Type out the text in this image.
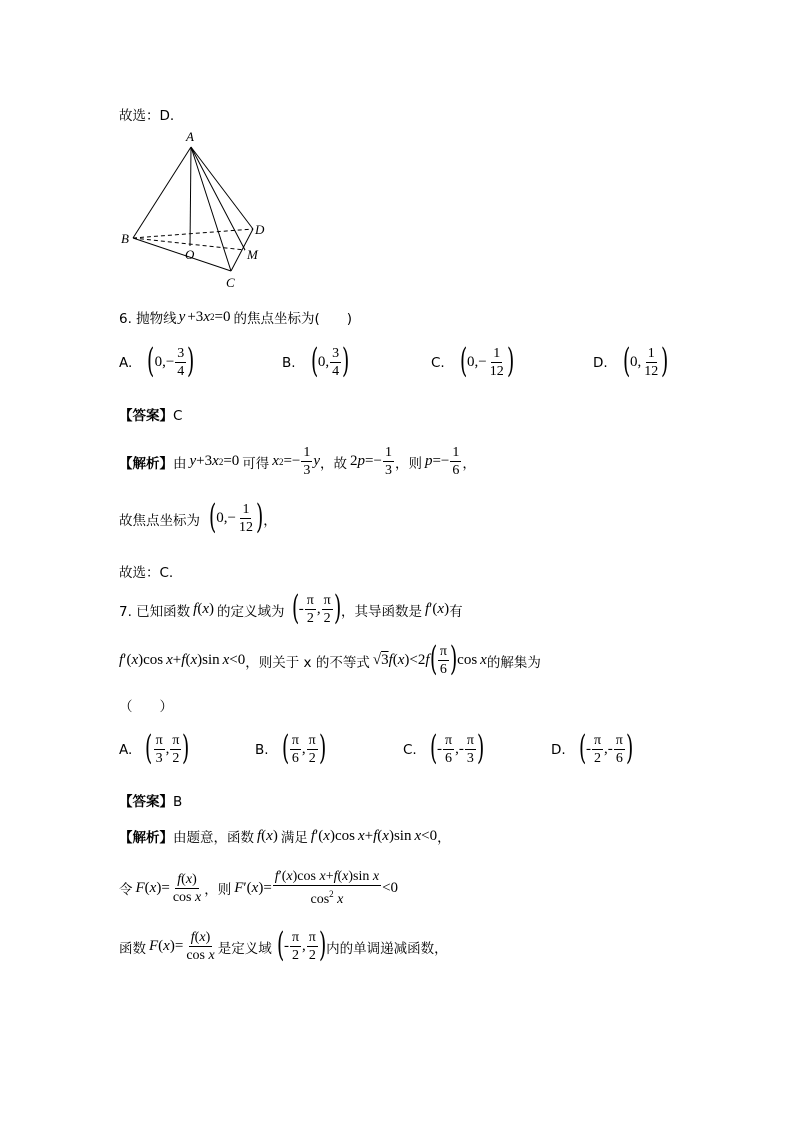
故选：D.
A
B
C
D
O	M
6. 抛物线 y +3 x 2 =0 的焦点坐标为(　　)
A. ( 0, − $\frac{3}{4}$ )	B. ( 0, $\frac{3}{4}$ )	C. ( 0, − $\frac{1}{12}$ )	D. ( 0, $\frac{1}{12}$ )
【答案】C
【解析】 由 y +3 x 2 =0 可得 x $2 =- \frac{1}{3}$ y ，故 2 $p =- \frac{1}{3}$ ，则 $p =- \frac{1}{6}$ ，
故焦点坐标为 ( $0,- \frac{1}{12}$ ) ，
故选：C.
7. 已知函数 f ( x ) 的定义域为 ( - $\frac{\pi}{2}$ , $\frac{\pi}{2}$ ) ，其导函数是 f ′( x ) 有
f ′( x )cos x + f ( x )sin x <0 ，则关于 x 的不等式 √3 f ( x )<2 f ( $\frac{\pi}{6}$ ) cos x 的解集为
（　　）
A. ( $\frac{\pi}{3}$ , $\frac{\pi}{2}$ )	B. ( $\frac{\pi}{6}$ , $\frac{\pi}{2}$ )	C. ( - $\frac{\pi}{6}$ ,- $\frac{\pi}{3}$ )	D. ( - $\frac{\pi}{2}$ ,- $\frac{\pi}{6}$ )
【答案】B
【解析】 由题意，函数 f ( x ) 满足 f ′( x )cos x + f ( x )sin x <0 ，
令 F ( x )= $\frac{f(x)}{\text{cos x}}$ ，则 F ′( x )= $\frac{\text{f′(x)cos x+f(x)sin x}}{\cos^2 x} <0$
函数 F ( x )= $\frac{f(x)}{\text{cos x}}$ 是定义域 ( - $\frac{\pi}{2}$ , $\frac{\pi}{2}$ ) 内的单调递减函数，
